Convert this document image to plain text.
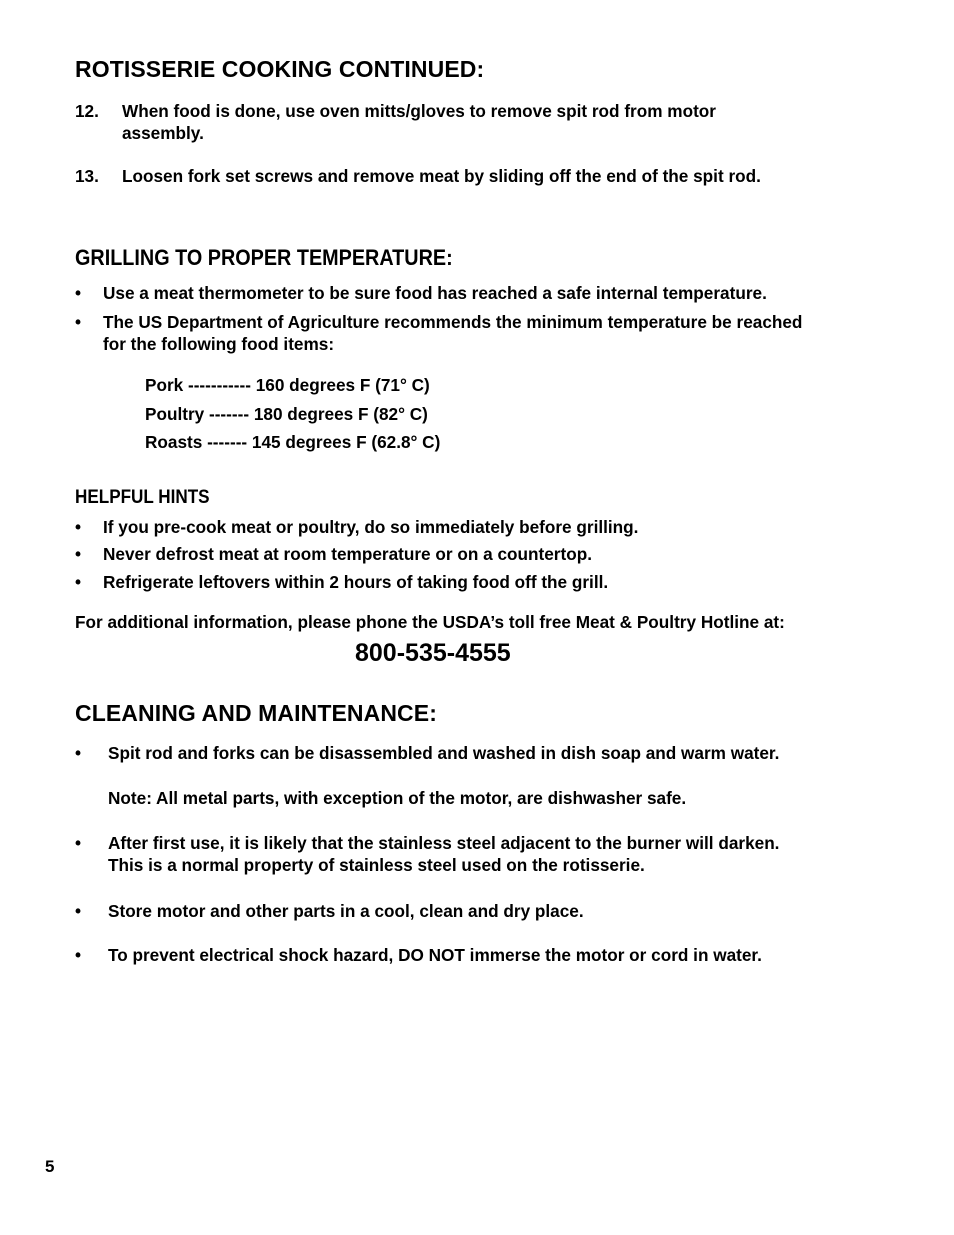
ROTISSERIE COOKING CONTINUED:
12. When food is done, use oven mitts/gloves to remove spit rod from motor
assembly.
13. Loosen fork set screws and remove meat by sliding off the end of the spit rod.
GRILLING TO PROPER TEMPERATURE:
• Use a meat thermometer to be sure food has reached a safe internal temperature.
• The US Department of Agriculture recommends the minimum temperature be reached
for the following food items:
Pork ----------- 160 degrees F (71° C)
Poultry ------- 180 degrees F (82° C)
Roasts ------- 145 degrees F (62.8° C)
HELPFUL HINTS
• If you pre-cook meat or poultry, do so immediately before grilling.
• Never defrost meat at room temperature or on a countertop.
• Refrigerate leftovers within 2 hours of taking food off the grill.
For additional information, please phone the USDA’s toll free Meat & Poultry Hotline at:
800-535-4555
CLEANING AND MAINTENANCE:
• Spit rod and forks can be disassembled and washed in dish soap and warm water.
Note: All metal parts, with exception of the motor, are dishwasher safe.
• After first use, it is likely that the stainless steel adjacent to the burner will darken.
This is a normal property of stainless steel used on the rotisserie.
• Store motor and other parts in a cool, clean and dry place.
• To prevent electrical shock hazard, DO NOT immerse the motor or cord in water.
5
